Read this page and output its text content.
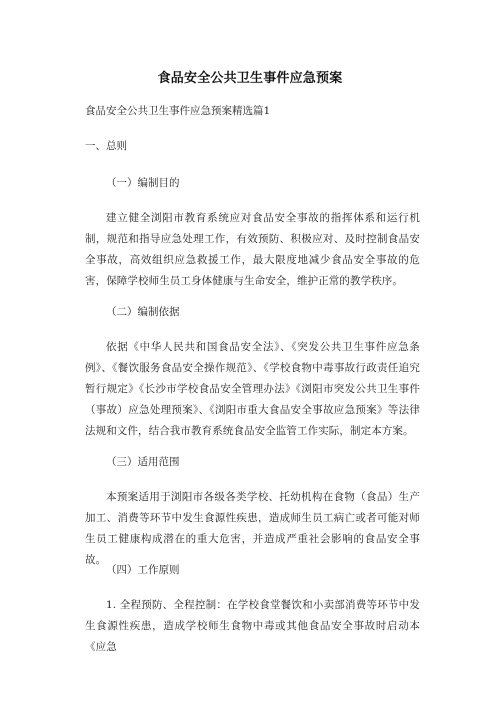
食品安全公共卫生事件应急预案
食品安全公共卫生事件应急预案精选篇1
一、总则
（一）编制目的
建立健全浏阳市教育系统应对食品安全事故的指挥体系和运行机制，规范和指导应急处理工作，有效预防、积极应对、及时控制食品安全事故，高效组织应急救援工作，最大限度地减少食品安全事故的危害，保障学校师生员工身体健康与生命安全，维护正常的教学秩序。
（二）编制依据
依据《中华人民共和国食品安全法》、《突发公共卫生事件应急条例》、《餐饮服务食品安全操作规范》、《学校食物中毒事故行政责任追究暂行规定》《长沙市学校食品安全管理办法》《浏阳市突发公共卫生事件（事故）应急处理预案》、《浏阳市重大食品安全事故应急预案》等法律法规和文件，结合我市教育系统食品安全监管工作实际，制定本方案。
（三）适用范围
本预案适用于浏阳市各级各类学校、托幼机构在食物（食品）生产加工、消费等环节中发生食源性疾患，造成师生员工病亡或者可能对师生员工健康构成潜在的重大危害，并造成严重社会影响的食品安全事故。
（四）工作原则
1. 全程预防、全程控制：在学校食堂餐饮和小卖部消费等环节中发生食源性疾患，造成学校师生食物中毒或其他食品安全事故时启动本《应急
